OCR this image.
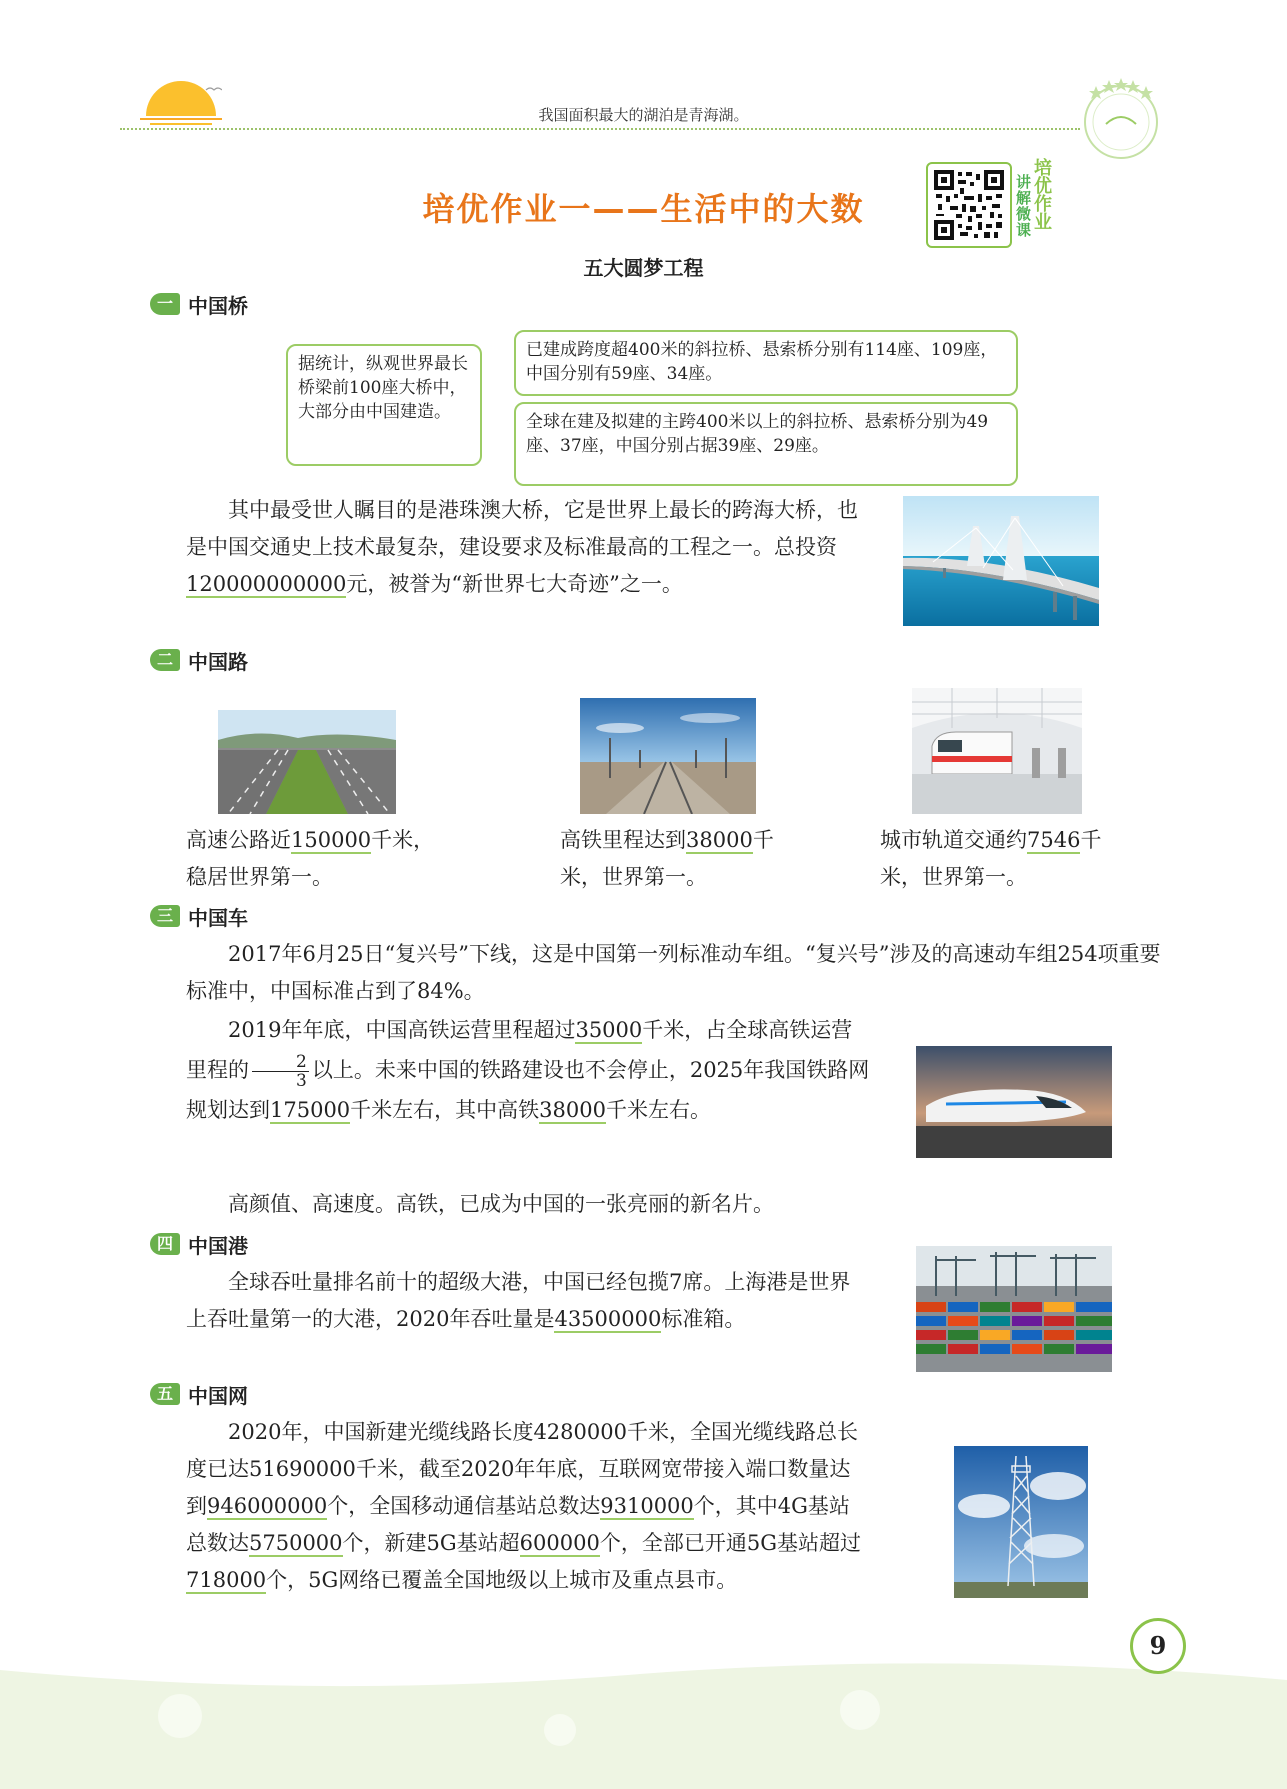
我国面积最大的湖泊是青海湖。
培优作业一——生活中的大数
讲解微课
培优作业
五大圆梦工程
一 中国桥
据统计，纵观世界最长桥梁前100座大桥中，大部分由中国建造。
已建成跨度超400米的斜拉桥、悬索桥分别有114座、109座，中国分别有59座、34座。
全球在建及拟建的主跨400米以上的斜拉桥、悬索桥分别为49座、37座，中国分别占据39座、29座。
其中最受世人瞩目的是港珠澳大桥，它是世界上最长的跨海大桥，也是中国交通史上技术最复杂，建设要求及标准最高的工程之一。总投资120000000000元，被誉为“新世界七大奇迹”之一。
二 中国路
高速公路近150000千米，稳居世界第一。
高铁里程达到38000千米，世界第一。
城市轨道交通约7546千米，世界第一。
三 中国车
2017年6月25日“复兴号”下线，这是中国第一列标准动车组。“复兴号”涉及的高速动车组254项重要标准中，中国标准占到了84%。
2019年年底，中国高铁运营里程超过35000千米，占全球高铁运营里程的 $\frac{2}{3}$ 以上。未来中国的铁路建设也不会停止，2025年我国铁路网规划达到175000千米左右，其中高铁38000千米左右。
高颜值、高速度。高铁，已成为中国的一张亮丽的新名片。
四 中国港
全球吞吐量排名前十的超级大港，中国已经包揽7席。上海港是世界上吞吐量第一的大港，2020年吞吐量是43500000标准箱。
五 中国网
2020年，中国新建光缆线路长度4280000千米，全国光缆线路总长度已达51690000千米，截至2020年年底，互联网宽带接入端口数量达到946000000个，全国移动通信基站总数达9310000个，其中4G基站总数达5750000个，新建5G基站超600000个，全部已开通5G基站超过718000个，5G网络已覆盖全国地级以上城市及重点县市。
9
